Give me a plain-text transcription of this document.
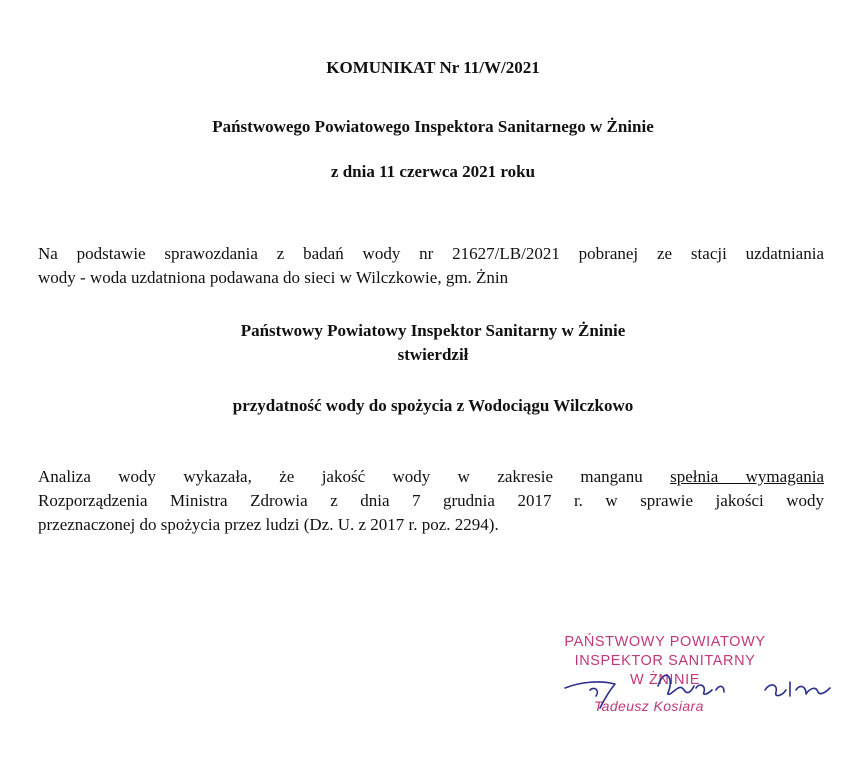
KOMUNIKAT Nr 11/W/2021
Państwowego Powiatowego Inspektora Sanitarnego w Żninie
z dnia 11 czerwca 2021 roku
Na podstawie sprawozdania z badań wody nr 21627/LB/2021 pobranej ze stacji uzdatniania
wody - woda uzdatniona podawana do sieci w Wilczkowie, gm. Żnin
Państwowy Powiatowy Inspektor Sanitarny w Żninie
stwierdził
przydatność wody do spożycia z Wodociągu Wilczkowo
Analiza wody wykazała, że jakość wody w zakresie manganu spełnia wymagania
Rozporządzenia Ministra Zdrowia z dnia 7 grudnia 2017 r. w sprawie jakości wody
przeznaczonej do spożycia przez ludzi (Dz. U. z 2017 r. poz. 2294).
PAŃSTWOWY POWIATOWY
INSPEKTOR SANITARNY
W ŻNINIE
Tadeusz Kosiara
